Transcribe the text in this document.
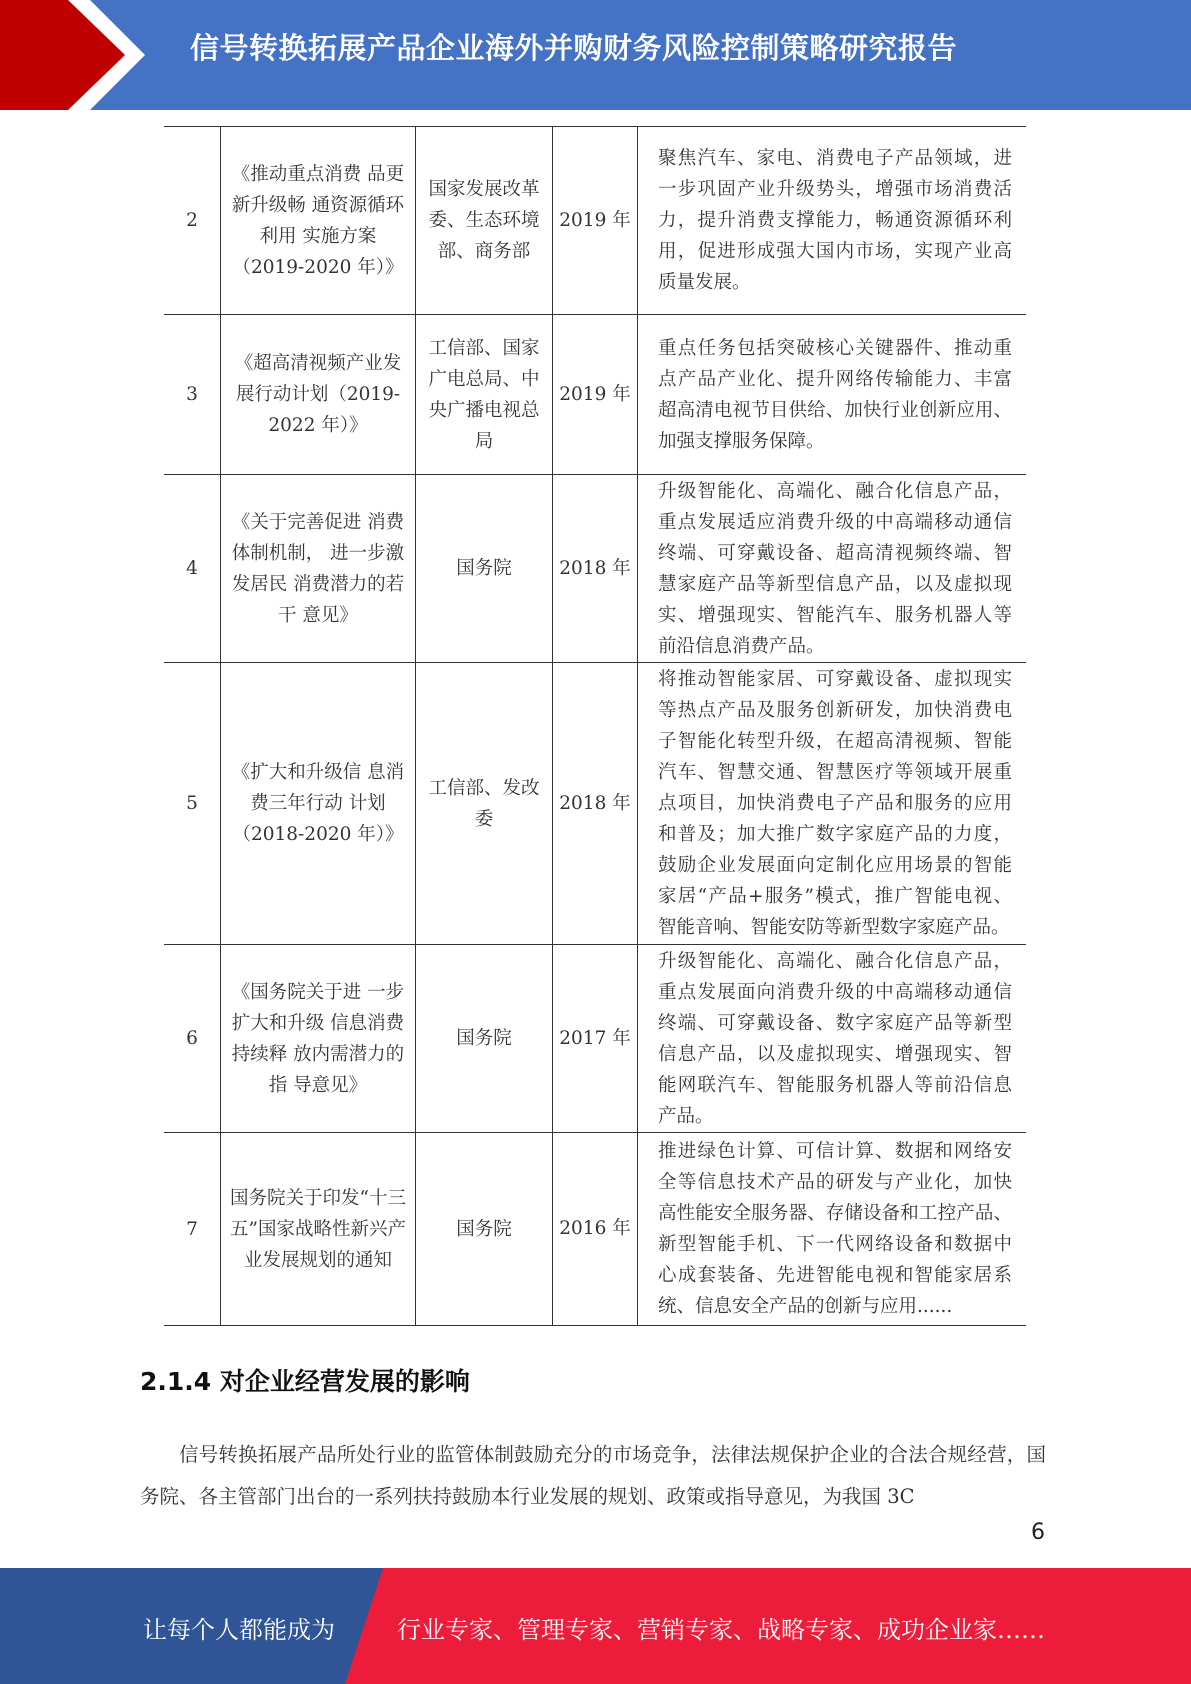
信号转换拓展产品企业海外并购财务风险控制策略研究报告
2	《推动重点消费 品更新升级畅 通资源循环利用 实施方案（2019-2020 年）》	国家发展改革委、生态环境部、商务部	2019 年	聚焦汽车、家电、消费电子产品领域，进 一步巩固产业升级势头，增强市场消费活 力，提升消费支撑能力，畅通资源循环利 用，促进形成强大国内市场，实现产业高 质量发展。

3	《超高清视频产业发展行动计划（2019-2022 年）》	工信部、国家广电总局、中央广播电视总局	2019 年	重点任务包括突破核心关键器件、推动重 点产品产业化、提升网络传输能力、丰富 超高清电视节目供给、加快行业创新应用、 加强支撑服务保障。

4	《关于完善促进 消费体制机制， 进一步激发居民 消费潜力的若干 意见》	国务院	2018 年	升级智能化、高端化、融合化信息产品， 重点发展适应消费升级的中高端移动通信 终端、可穿戴设备、超高清视频终端、智 慧家庭产品等新型信息产品，以及虚拟现 实、增强现实、智能汽车、服务机器人等 前沿信息消费产品。

5	《扩大和升级信 息消费三年行动 计划（2018-2020 年）》	工信部、发改委	2018 年	将推动智能家居、可穿戴设备、虚拟现实 等热点产品及服务创新研发，加快消费电 子智能化转型升级，在超高清视频、智能 汽车、智慧交通、智慧医疗等领域开展重 点项目，加快消费电子产品和服务的应用 和普及；加大推广数字家庭产品的力度， 鼓励企业发展面向定制化应用场景的智能 家居“产品+服务”模式，推广智能电视、 智能音响、智能安防等新型数字家庭产品。

6	《国务院关于进 一步扩大和升级 信息消费持续释 放内需潜力的指 导意见》	国务院	2017 年	升级智能化、高端化、融合化信息产品， 重点发展面向消费升级的中高端移动通信 终端、可穿戴设备、数字家庭产品等新型 信息产品，以及虚拟现实、增强现实、智 能网联汽车、智能服务机器人等前沿信息 产品。

7	国务院关于印发“十三五”国家战略性新兴产业发展规划的通知	国务院	2016 年	推进绿色计算、可信计算、数据和网络安 全等信息技术产品的研发与产业化，加快 高性能安全服务器、存储设备和工控产品、 新型智能手机、下一代网络设备和数据中 心成套装备、先进智能电视和智能家居系 统、信息安全产品的创新与应用......
2.1.4 对企业经营发展的影响

信号转换拓展产品所处行业的监管体制鼓励充分的市场竞争，法律法规保护企业的合法合规经营，国务院、各主管部门出台的一系列扶持鼓励本行业发展的规划、政策或指导意见，为我国 3C

6
让每个人都能成为	行业专家、管理专家、营销专家、战略专家、成功企业家……
